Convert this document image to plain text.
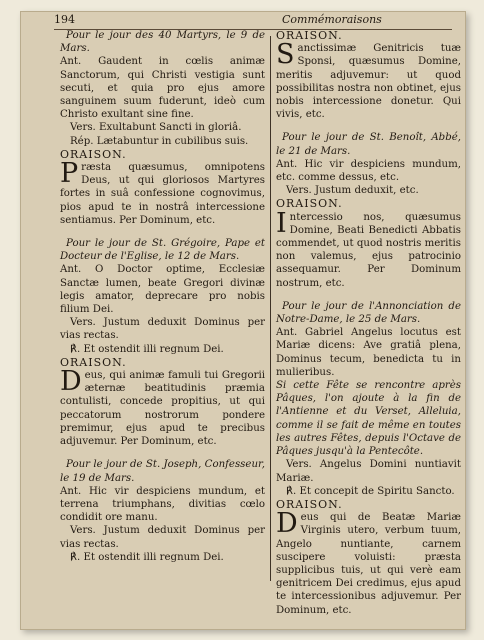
194	Commémoraisons

Pour le jour des 40 Martyrs, le 9 de Mars.

Ant. Gaudent in cœlis animæ Sanctorum, qui Christi vestigia sunt secuti, et quia pro ejus amore sanguinem suum fuderunt, ideò cum Christo exultant sine fine.

Vers. Exultabunt Sancti in gloriâ.

Rép. Lætabuntur in cubilibus suis.

ORAISON.

Præsta quæsumus, omnipotens Deus, ut qui gloriosos Martyres fortes in suâ confessione cognovimus, pios apud te in nostrâ intercessione sentiamus. Per Dominum, etc.

Pour le jour de St. Grégoire, Pape et Docteur de l'Eglise, le 12 de Mars.

Ant. O Doctor optime, Ecclesiæ Sanctæ lumen, beate Gregori divinæ legis amator, deprecare pro nobis filium Dei.

Vers. Justum deduxit Dominus per vias rectas.

℟. Et ostendit illi regnum Dei.

ORAISON.

Deus, qui animæ famuli tui Gregorii æternæ beatitudinis præmia contulisti, concede propitius, ut qui peccatorum nostrorum pondere premimur, ejus apud te precibus adjuvemur. Per Dominum, etc.

Pour le jour de St. Joseph, Confesseur, le 19 de Mars.

Ant. Hic vir despiciens mundum, et terrena triumphans, divitias cœlo condidit ore manu.

Vers. Justum deduxit Dominus per vias rectas.

℟. Et ostendit illi regnum Dei.

ORAISON.

Sanctissimæ Genitricis tuæ Sponsi, quæsumus Domine, meritis adjuvemur: ut quod possibilitas nostra non obtinet, ejus nobis intercessione donetur. Qui vivis, etc.

Pour le jour de St. Benoît, Abbé, le 21 de Mars.

Ant. Hic vir despiciens mundum, etc. comme dessus, etc.

Vers. Justum deduxit, etc.

ORAISON.

Intercessio nos, quæsumus Domine, Beati Benedicti Abbatis commendet, ut quod nostris meritis non valemus, ejus patrocinio assequamur. Per Dominum nostrum, etc.

Pour le jour de l'Annonciation de Notre-Dame, le 25 de Mars.

Ant. Gabriel Angelus locutus est Mariæ dicens: Ave gratiâ plena, Dominus tecum, benedicta tu in mulieribus.

Si cette Fête se rencontre après Pâques, l'on ajoute à la fin de l'Antienne et du Verset, Alleluia, comme il se fait de même en toutes les autres Fêtes, depuis l'Octave de Pâques jusqu'à la Pentecôte.

Vers. Angelus Domini nuntiavit Mariæ.

℟. Et concepit de Spiritu Sancto.

ORAISON.

Deus qui de Beatæ Mariæ Virginis utero, verbum tuum, Angelo nuntiante, carnem suscipere voluisti: præsta supplicibus tuis, ut qui verè eam genitricem Dei credimus, ejus apud te intercessionibus adjuvemur. Per Dominum, etc.
